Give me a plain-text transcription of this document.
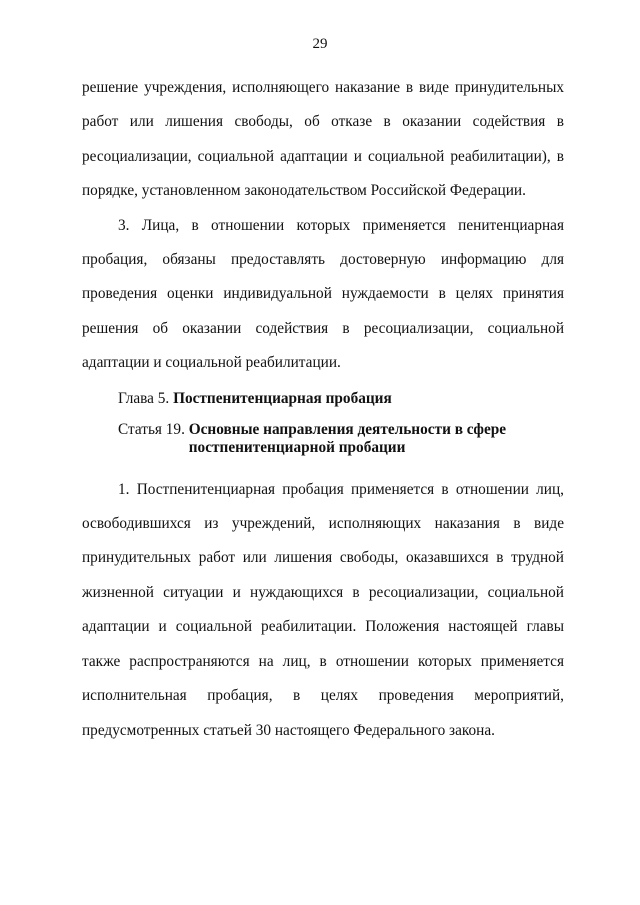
29

решение учреждения, исполняющего наказание в виде принудительных работ или лишения свободы, об отказе в оказании содействия в ресоциализации, социальной адаптации и социальной реабилитации), в порядке, установленном законодательством Российской Федерации.

3. Лица, в отношении которых применяется пенитенциарная пробация, обязаны предоставлять достоверную информацию для проведения оценки индивидуальной нуждаемости в целях принятия решения об оказании содействия в ресоциализации, социальной адаптации и социальной реабилитации.

Глава 5. Постпенитенциарная пробация

Статья 19. Основные направления деятельности в сфере постпенитенциарной пробации

1. Постпенитенциарная пробация применяется в отношении лиц, освободившихся из учреждений, исполняющих наказания в виде принудительных работ или лишения свободы, оказавшихся в трудной жизненной ситуации и нуждающихся в ресоциализации, социальной адаптации и социальной реабилитации. Положения настоящей главы также распространяются на лиц, в отношении которых применяется исполнительная пробация, в целях проведения мероприятий, предусмотренных статьей 30 настоящего Федерального закона.
